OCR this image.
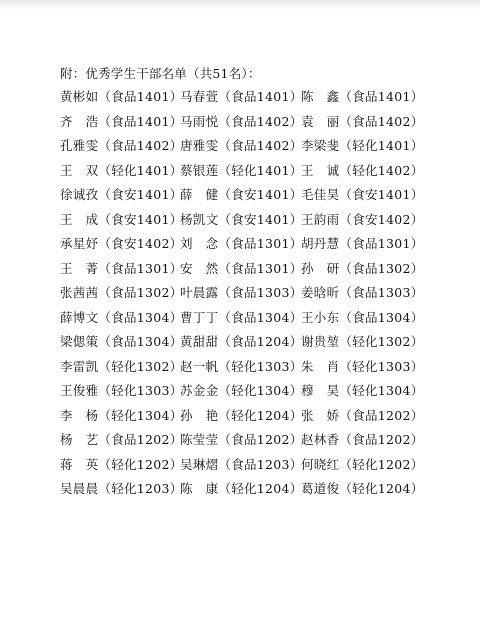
附：优秀学生干部名单（共51名）：
黄彬如（食品1401）
马春萱（食品1401）
陈　鑫（食品1401）
齐　浩（食品1401）
马雨悦（食品1402）
袁　丽（食品1402）
孔雅雯（食品1402）
唐雅雯（食品1402）
李梁斐（轻化1401）
王　双（轻化1401）
蔡银莲（轻化1401）
王　诚（轻化1402）
徐诚孜（食安1401）
薛　健（食安1401）
毛佳昊（食安1401）
王　成（食安1401）
杨凯文（食安1401）
王韵雨（食安1402）
承星妤（食安1402）
刘　念（食品1301）
胡丹慧（食品1301）
王　菁（食品1301）
安　然（食品1301）
孙　研（食品1302）
张茜茜（食品1302）
叶晨露（食品1303）
姜晗昕（食品1303）
薛博文（食品1304）
曹丁丁（食品1304）
王小东（食品1304）
梁偲策（食品1304）
黄甜甜（食品1204）
谢贵堃（轻化1302）
李雷凯（轻化1302）
赵一帆（轻化1303）
朱　肖（轻化1303）
王俊雅（轻化1303）
苏金金（轻化1304）
穆　昊（轻化1304）
李　杨（轻化1304）
孙　艳（轻化1204）
张　娇（食品1202）
杨　艺（食品1202）
陈莹莹（食品1202）
赵林香（食品1202）
蒋　英（轻化1202）
吴琳熠（食品1203）
何晓红（轻化1202）
吴晨晨（轻化1203）
陈　康（轻化1204）
葛道俊（轻化1204）
